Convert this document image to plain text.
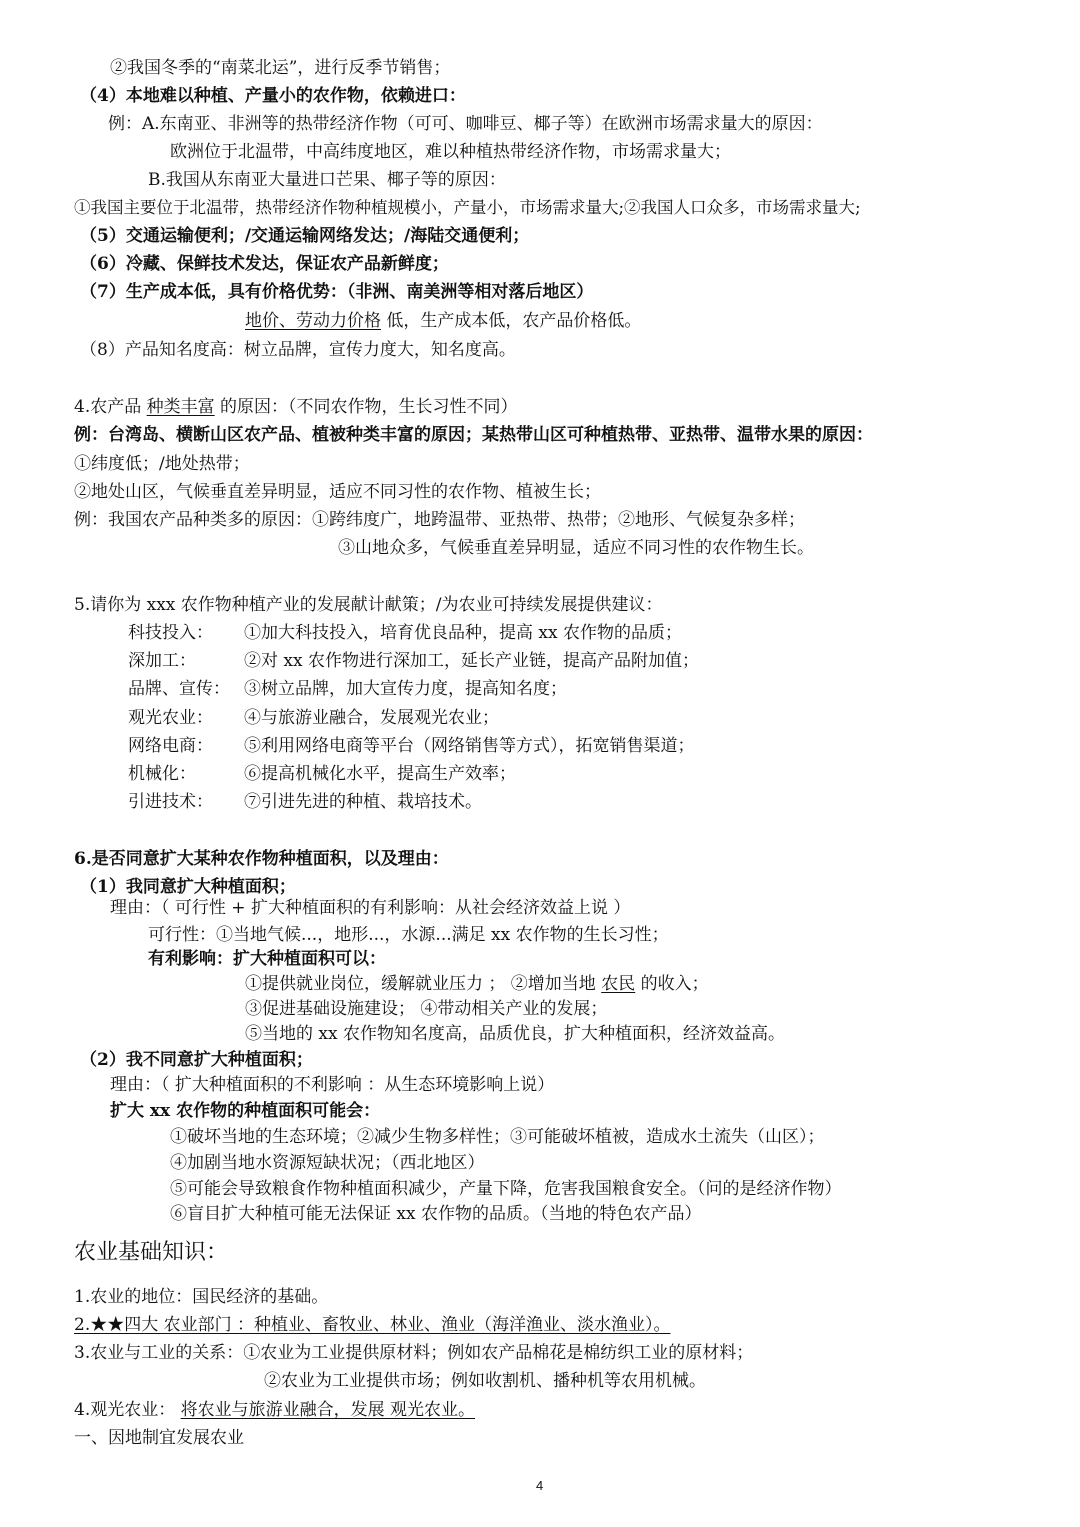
②我国冬季的“南菜北运”，进行反季节销售；
（4）本地难以种植、产量小的农作物，依赖进口：
例：A.东南亚、非洲等的热带经济作物（可可、咖啡豆、椰子等）在欧洲市场需求量大的原因：
欧洲位于北温带，中高纬度地区，难以种植热带经济作物，市场需求量大；
B.我国从东南亚大量进口芒果、椰子等的原因：
①我国主要位于北温带，热带经济作物种植规模小，产量小，市场需求量大;②我国人口众多，市场需求量大;
（5）交通运输便利；/交通运输网络发达；/海陆交通便利；
（6）冷藏、保鲜技术发达，保证农产品新鲜度；
（7）生产成本低，具有价格优势：（非洲、南美洲等相对落后地区）
地价、劳动力价格 低，生产成本低，农产品价格低。
（8）产品知名度高：树立品牌，宣传力度大，知名度高。
4.农产品 种类丰富 的原因：（不同农作物，生长习性不同）
例：台湾岛、横断山区农产品、植被种类丰富的原因；某热带山区可种植热带、亚热带、温带水果的原因：
①纬度低；/地处热带；
②地处山区，气候垂直差异明显，适应不同习性的农作物、植被生长；
例：我国农产品种类多的原因：①跨纬度广，地跨温带、亚热带、热带；②地形、气候复杂多样；
③山地众多，气候垂直差异明显，适应不同习性的农作物生长。
5.请你为 xxx 农作物种植产业的发展献计献策；/为农业可持续发展提供建议：
科技投入： ①加大科技投入，培育优良品种，提高 xx 农作物的品质；
深加工：	②对 xx 农作物进行深加工，延长产业链，提高产品附加值；
品牌、宣传： ③树立品牌，加大宣传力度，提高知名度；
观光农业： ④与旅游业融合，发展观光农业；
网络电商： ⑤利用网络电商等平台（网络销售等方式），拓宽销售渠道；
机械化：	⑥提高机械化水平，提高生产效率；
引进技术： ⑦引进先进的种植、栽培技术。
6.是否同意扩大某种农作物种植面积，以及理由：
（1）我同意扩大种植面积；
理由：（ 可行性 + 扩大种植面积的有利影响：从社会经济效益上说 ）
可行性：①当地气候...，地形...，水源...满足 xx 农作物的生长习性；
有利影响：扩大种植面积可以：
①提供就业岗位，缓解就业压力 ； ②增加当地 农民 的收入；
③促进基础设施建设； ④带动相关产业的发展；
⑤当地的 xx 农作物知名度高，品质优良，扩大种植面积，经济效益高。
（2）我不同意扩大种植面积；
理由：（ 扩大种植面积的不利影响 ：从生态环境影响上说）
扩大 xx 农作物的种植面积可能会：
①破坏当地的生态环境；②减少生物多样性；③可能破坏植被，造成水土流失（山区）；
④加剧当地水资源短缺状况；（西北地区）
⑤可能会导致粮食作物种植面积减少，产量下降，危害我国粮食安全。（问的是经济作物）
⑥盲目扩大种植可能无法保证 xx 农作物的品质。（当地的特色农产品）
农业基础知识：
1.农业的地位：国民经济的基础。
2.★★四大 农业部门 ：种植业、畜牧业、林业、渔业（海洋渔业、淡水渔业）。
3.农业与工业的关系：①农业为工业提供原材料；例如农产品棉花是棉纺织工业的原材料；
②农业为工业提供市场；例如收割机、播种机等农用机械。
4.观光农业： 将农业与旅游业融合，发展 观光农业。
一、因地制宜发展农业
4
